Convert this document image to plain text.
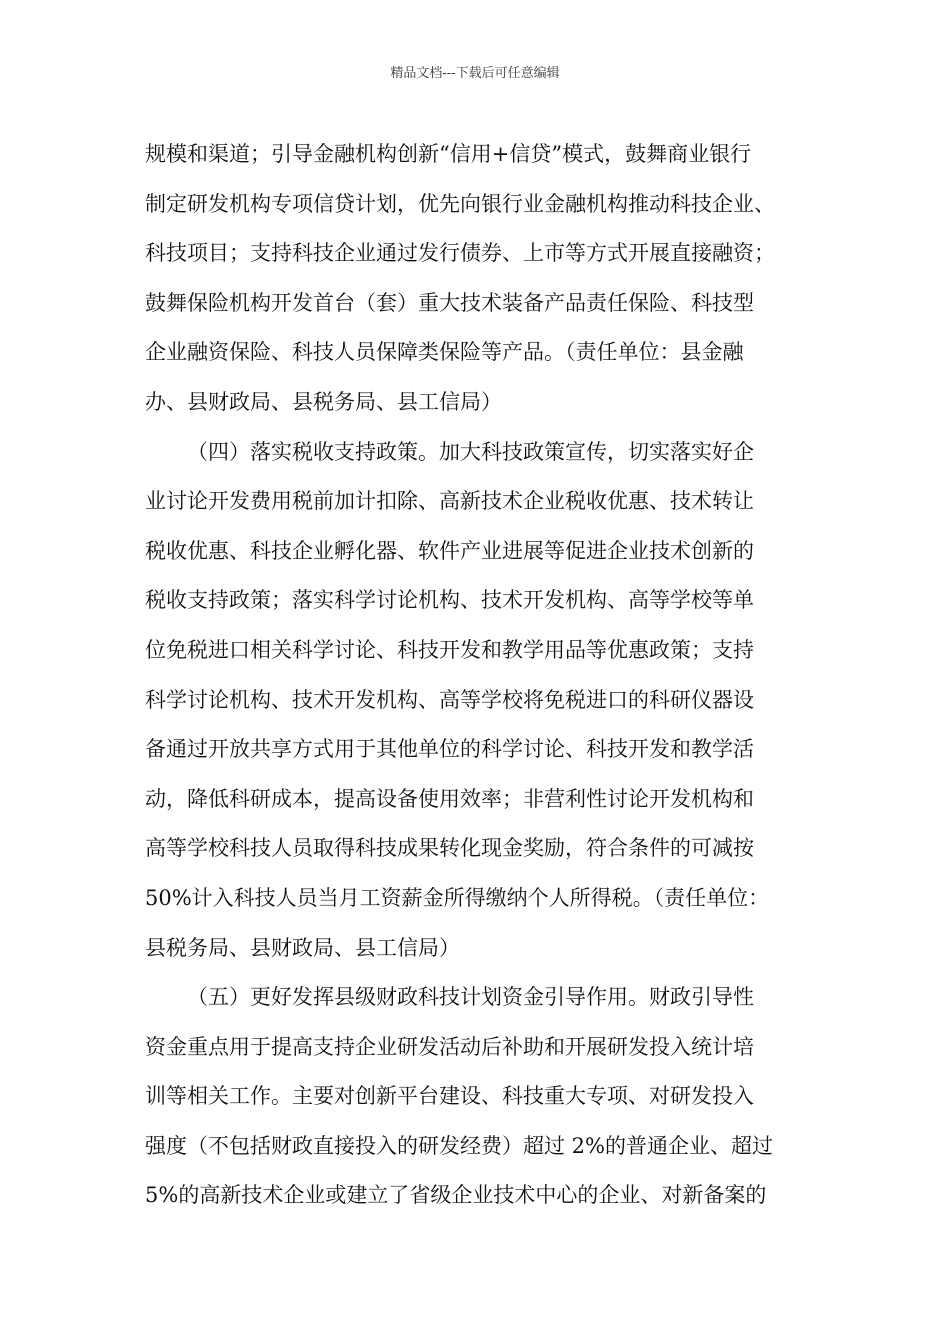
精品文档---下载后可任意编辑
规模和渠道；引导金融机构创新“信用+信贷”模式，鼓舞商业银行
制定研发机构专项信贷计划，优先向银行业金融机构推动科技企业、
科技项目；支持科技企业通过发行债券、上市等方式开展直接融资；
鼓舞保险机构开发首台（套）重大技术装备产品责任保险、科技型
企业融资保险、科技人员保障类保险等产品。（责任单位：县金融
办、县财政局、县税务局、县工信局）
（四）落实税收支持政策。加大科技政策宣传，切实落实好企
业讨论开发费用税前加计扣除、高新技术企业税收优惠、技术转让
税收优惠、科技企业孵化器、软件产业进展等促进企业技术创新的
税收支持政策；落实科学讨论机构、技术开发机构、高等学校等单
位免税进口相关科学讨论、科技开发和教学用品等优惠政策；支持
科学讨论机构、技术开发机构、高等学校将免税进口的科研仪器设
备通过开放共享方式用于其他单位的科学讨论、科技开发和教学活
动，降低科研成本，提高设备使用效率；非营利性讨论开发机构和
高等学校科技人员取得科技成果转化现金奖励，符合条件的可减按
50%计入科技人员当月工资薪金所得缴纳个人所得税。（责任单位：
县税务局、县财政局、县工信局）
（五）更好发挥县级财政科技计划资金引导作用。财政引导性
资金重点用于提高支持企业研发活动后补助和开展研发投入统计培
训等相关工作。主要对创新平台建设、科技重大专项、对研发投入
强度（不包括财政直接投入的研发经费）超过 2%的普通企业、超过
5%的高新技术企业或建立了省级企业技术中心的企业、对新备案的
